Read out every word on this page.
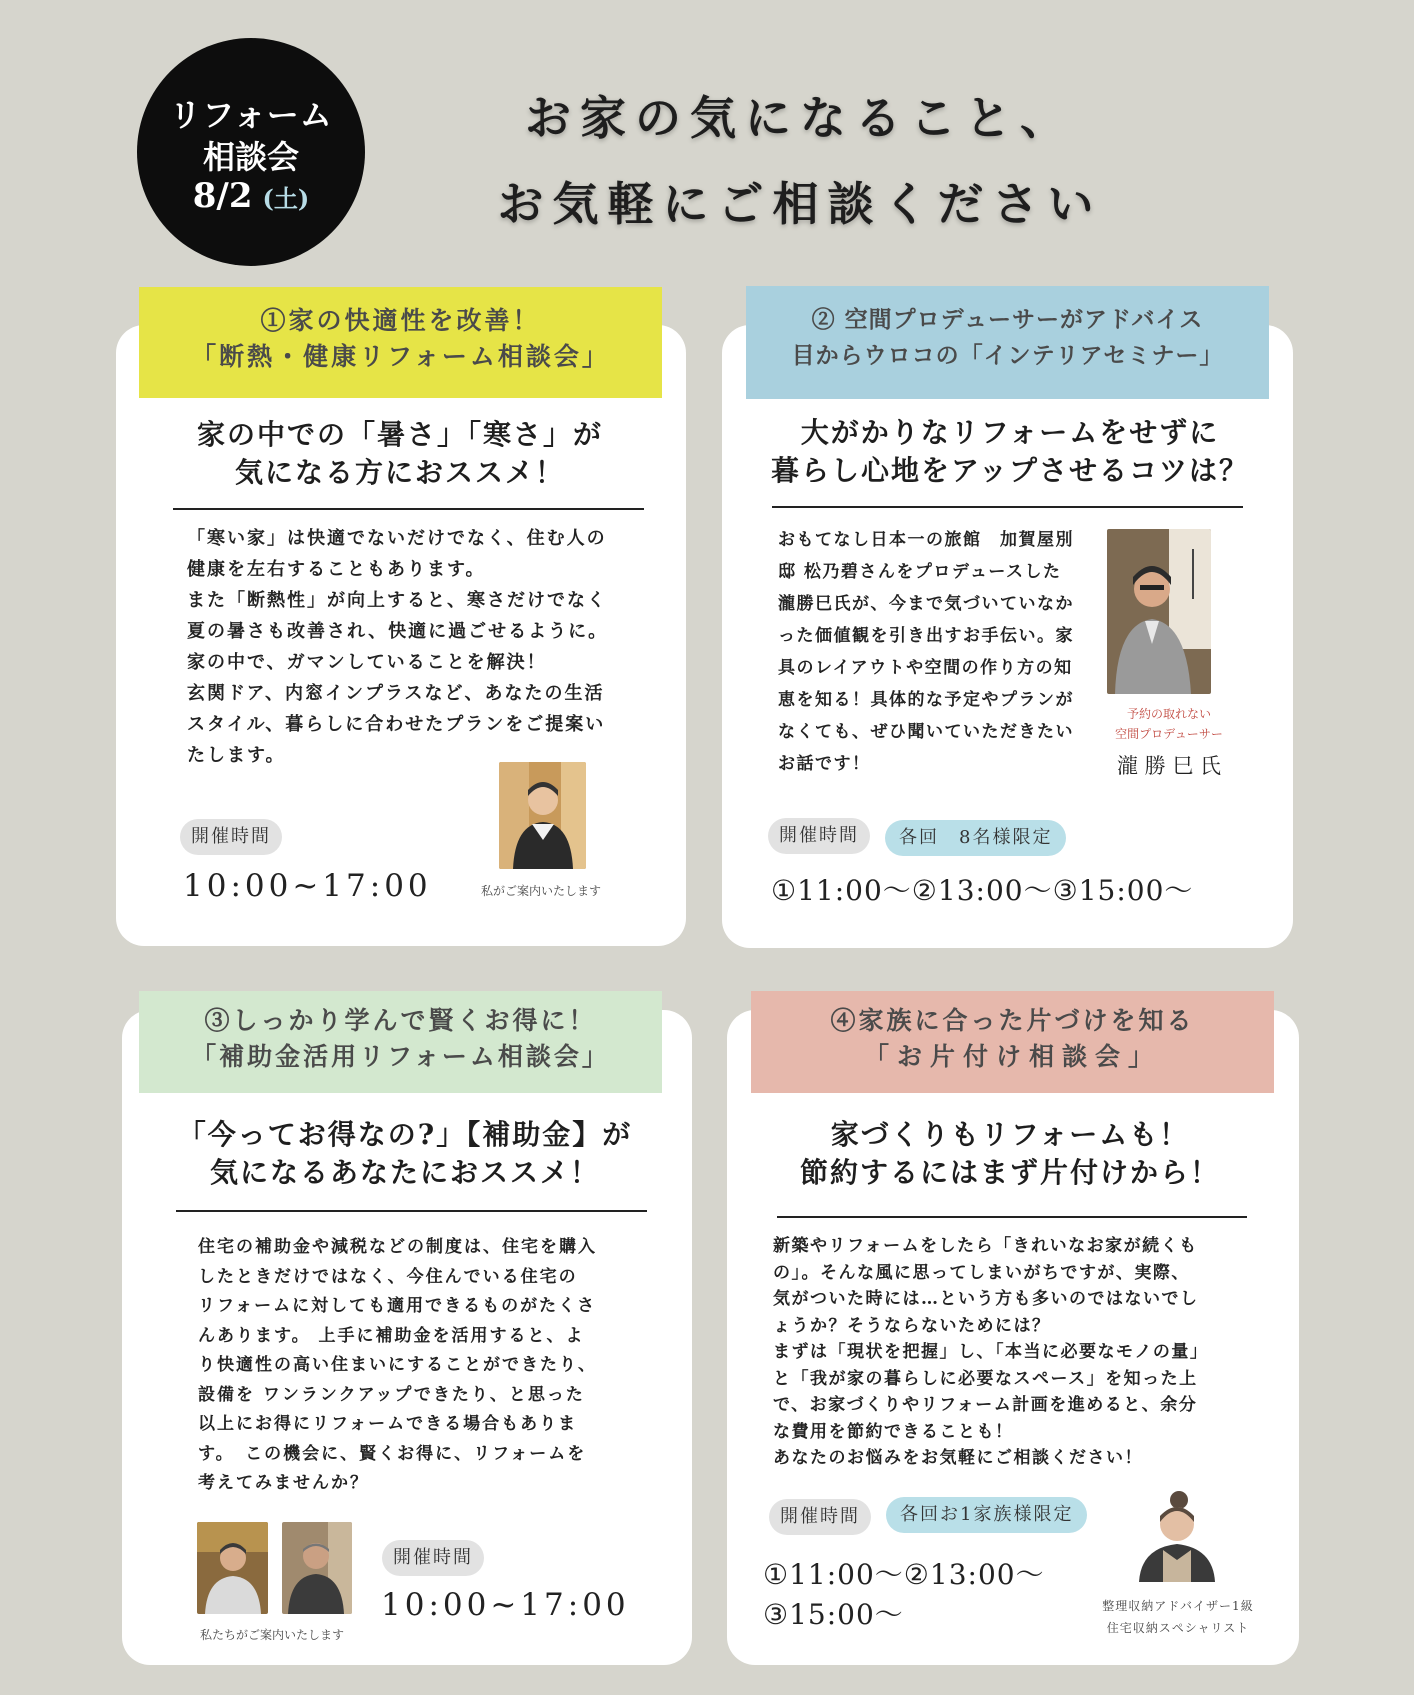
リフォーム
相談会
8/2 (土)
お家の気になること、
お気軽にご相談ください
①家の快適性を改善！
「断熱・健康リフォーム相談会」
家の中での「暑さ」「寒さ」が
気になる方におススメ！
「寒い家」は快適でないだけでなく、住む人の
健康を左右することもあります。
また「断熱性」が向上すると、寒さだけでなく
夏の暑さも改善され、快適に過ごせるように。
家の中で、ガマンしていることを解決！
玄関ドア、内窓インプラスなど、あなたの生活
スタイル、暮らしに合わせたプランをご提案い
たします。
開催時間
10:00~17:00	私がご案内いたします
② 空間プロデューサーがアドバイス
目からウロコの「インテリアセミナー」
大がかりなリフォームをせずに
暮らし心地をアップさせるコツは？
おもてなし日本一の旅館　加賀屋別
邸 松乃碧さんをプロデュースした
瀧勝巳氏が、今まで気づいていなか
った価値観を引き出すお手伝い。家
具のレイアウトや空間の作り方の知
恵を知る！具体的な予定やプランが
なくても、ぜひ聞いていただきたい
お話です！
予約の取れない
空間プロデューサー
瀧 勝 巳 氏
開催時間	各回　8名様限定
①11:00～②13:00～③15:00～
③しっかり学んで賢くお得に！
「補助金活用リフォーム相談会」
「今ってお得なの?」【補助金】が
気になるあなたにおススメ！
住宅の補助金や減税などの制度は、住宅を購入
したときだけではなく、今住んでいる住宅の
リフォームに対しても適用できるものがたくさ
んあります。 上手に補助金を活用すると、よ
り快適性の高い住まいにすることができたり、
設備を ワンランクアップできたり、と思った
以上にお得にリフォームできる場合もありま
す。　この機会に、賢くお得に、リフォームを
考えてみませんか？
私たちがご案内いたします
開催時間
10:00~17:00
④家族に合った片づけを知る
「お片付け相談会」
家づくりもリフォームも！
節約するにはまず片付けから！
新築やリフォームをしたら「きれいなお家が続くも
の」。そんな風に思ってしまいがちですが、実際、
気がついた時には…という方も多いのではないでし
ょうか？そうならないためには？
まずは「現状を把握」し、「本当に必要なモノの量」
と「我が家の暮らしに必要なスペース」を知った上
で、お家づくりやリフォーム計画を進めると、余分
な費用を節約できることも！
あなたのお悩みをお気軽にご相談ください！
開催時間	各回お1家族様限定
①11:00～②13:00～
③15:00～	整理収納アドバイザー1級
住宅収納スペシャリスト
